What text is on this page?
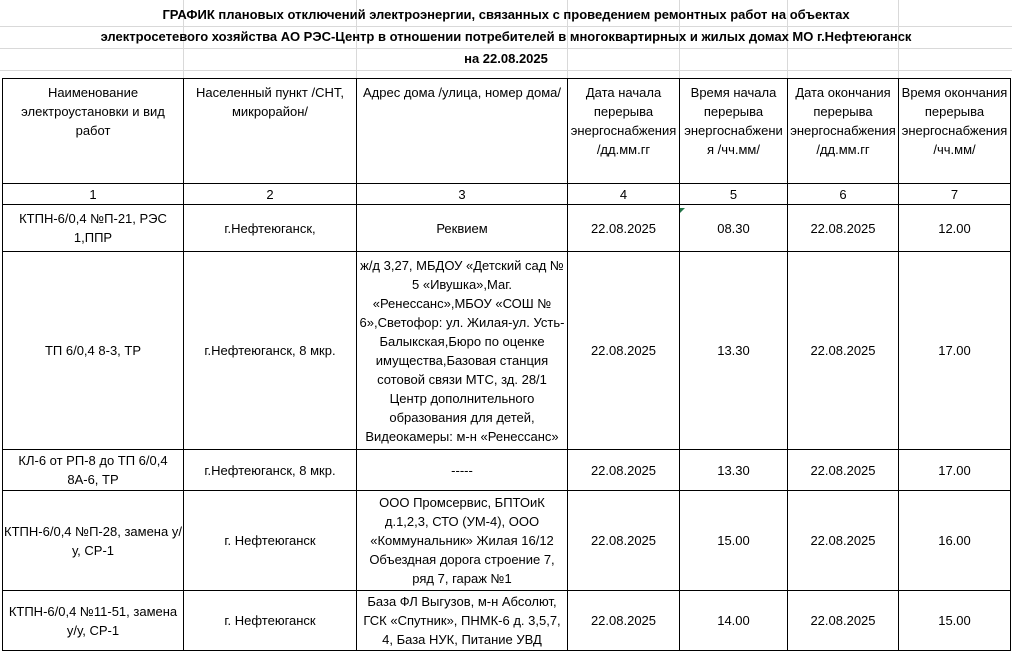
ГРАФИК плановых отключений электроэнергии, связанных с проведением ремонтных работ на объектах
электросетевого хозяйства АО РЭС-Центр в отношении потребителей в многоквартирных и жилых домах МО г.Нефтеюганск
на 22.08.2025
Наименование электроустановки и вид работ	Населенный пункт /СНТ, микрорайон/	Адрес дома /улица, номер дома/	Дата начала перерыва энергоснабжения /дд.мм.гг	Время начала перерыва энергоснабжения /чч.мм/	Дата окончания перерыва энергоснабжения /дд.мм.гг	Время окончания перерыва энергоснабжения /чч.мм/
1	2	3	4	5	6	7
КТПН-6/0,4 №П-21, РЭС 1,ППР	г.Нефтеюганск,	Реквием	22.08.2025	08.30	22.08.2025	12.00
ТП 6/0,4 8-3, ТР	г.Нефтеюганск, 8 мкр.	ж/д 3,27, МБДОУ «Детский сад № 5 «Ивушка»,Маг. «Ренессанс»,МБОУ «СОШ № 6»,Светофор: ул. Жилая-ул. Усть-Балыкская,Бюро по оценке имущества,Базовая станция сотовой связи МТС, зд. 28/1 Центр дополнительного образования для детей, Видеокамеры: м-н «Ренессанс»	22.08.2025	13.30	22.08.2025	17.00
КЛ-6 от РП-8 до ТП 6/0,4 8А-6, ТР	г.Нефтеюганск, 8 мкр.	-----	22.08.2025	13.30	22.08.2025	17.00
КТПН-6/0,4 №П-28, замена у/у, СР-1	г. Нефтеюганск	ООО Промсервис, БПТОиК д.1,2,3, СТО (УМ-4), ООО «Коммунальник» Жилая 16/12 Объездная дорога строение 7, ряд 7, гараж №1	22.08.2025	15.00	22.08.2025	16.00
КТПН-6/0,4 №11-51, замена у/у, СР-1	г. Нефтеюганск	База ФЛ Выгузов, м-н Абсолют, ГСК «Спутник», ПНМК-6 д. 3,5,7, 4, База НУК, Питание УВД	22.08.2025	14.00	22.08.2025	15.00
